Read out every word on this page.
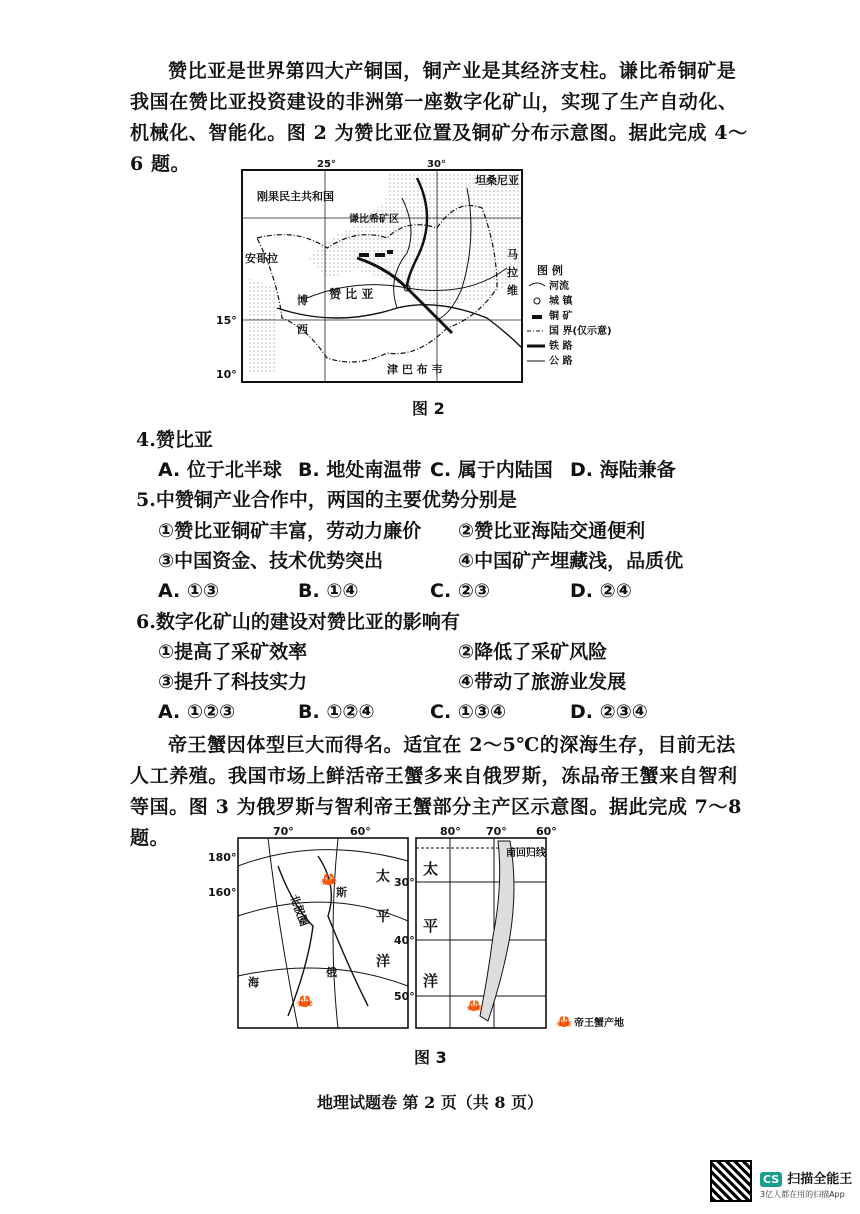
赞比亚是世界第四大产铜国，铜产业是其经济支柱。谦比希铜矿是我国在赞比亚投资建设的非洲第一座数字化矿山，实现了生产自动化、机械化、智能化。图 2 为赞比亚位置及铜矿分布示意图。据此完成 4～6 题。	25°	30°
刚果民主共和国
坦桑尼亚
谦比希矿区
安哥拉
赞 比 亚
马
拉
维
津 巴 布 韦
博
西
图 例
河流
城 镇
铜 矿
国 界(仅示意)
铁 路
公 路
10°
15°
图 2
4.赞比亚
A. 位于北半球 B. 地处南温带 C. 属于内陆国 D. 海陆兼备
5.中赞铜产业合作中，两国的主要优势分别是
①赞比亚铜矿丰富，劳动力廉价 ②赞比亚海陆交通便利
③中国资金、技术优势突出	④中国矿产埋藏浅，品质优
A. ①③	B. ①④	C. ②③	D. ②④
6.数字化矿山的建设对赞比亚的影响有
①提高了采矿效率	②降低了采矿风险
③提升了科技实力	④带动了旅游业发展
A. ①②③	B. ①②④	C. ①③④	D. ②③④
帝王蟹因体型巨大而得名。适宜在 2～5℃的深海生存，目前无法人工养殖。我国市场上鲜活帝王蟹多来自俄罗斯，冻品帝王蟹来自智利等国。图 3 为俄罗斯与智利帝王蟹部分主产区示意图。据此完成 7～8 题。	70°	60°
180°
160°
太
平
洋
北极圈
俄
斯
海
🦀
🦀
80° 70°	60°
30°
40°
50°
太
平
洋
南回归线
🦀
🦀 帝王蟹产地
图 3
地理试题卷 第 2 页（共 8 页）
CS 扫描全能王
3亿人都在用的扫描App
